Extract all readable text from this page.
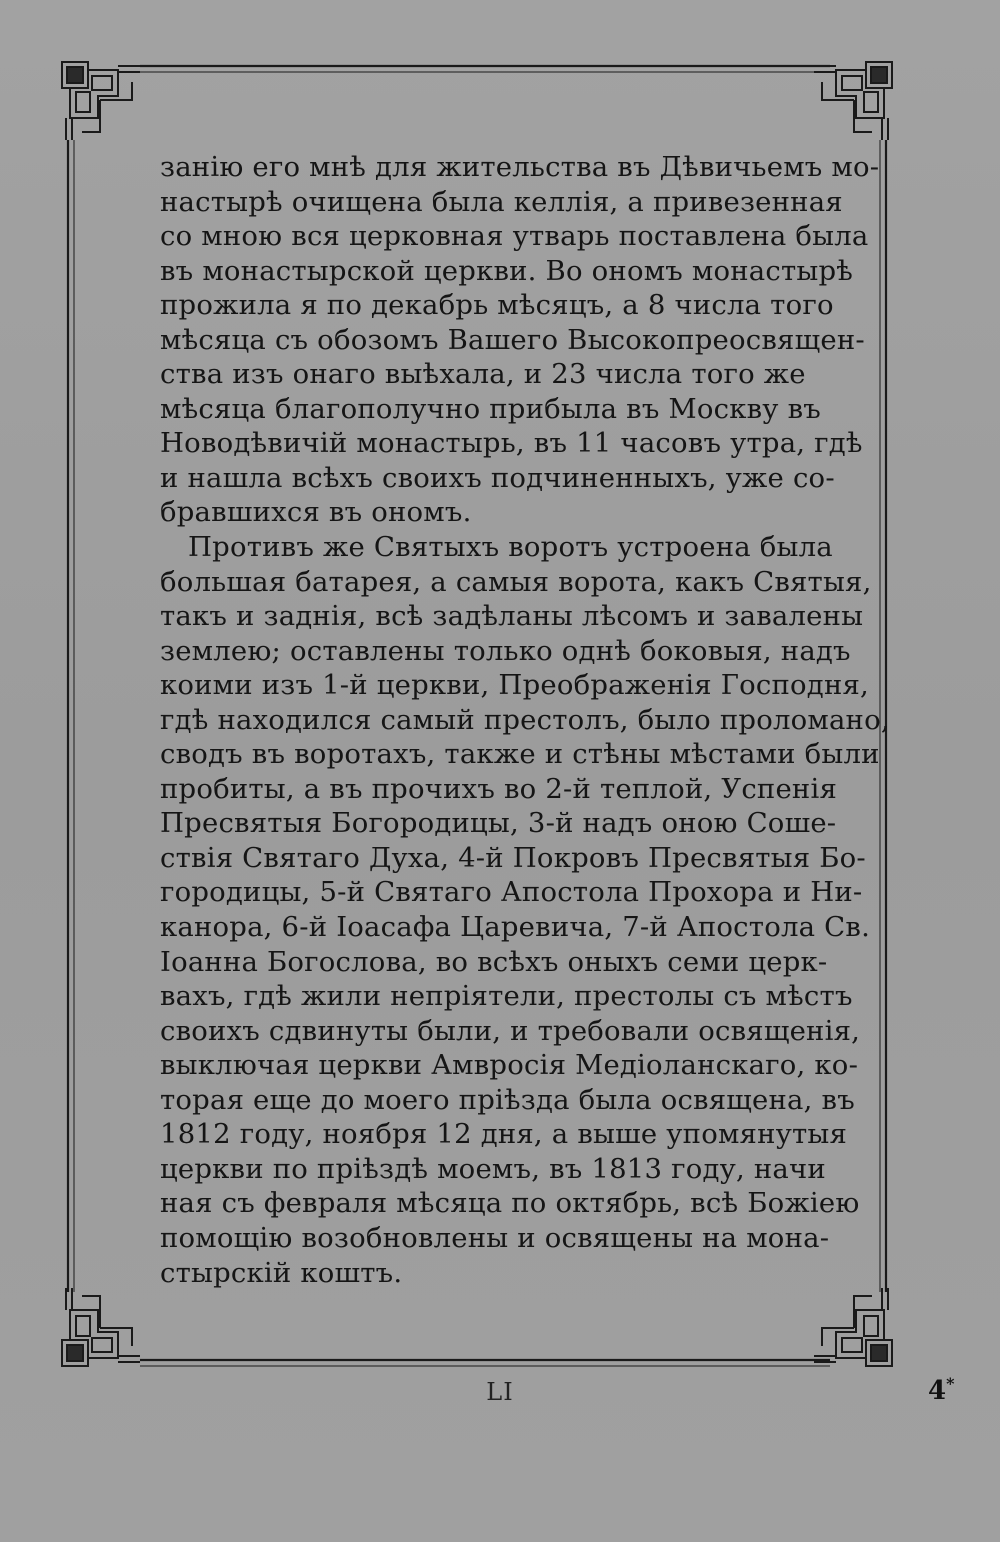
занію его мнѣ для жительства въ Дѣвичьемъ мо-
настырѣ очищена была келлія, а привезенная
со мною вся церковная утварь поставлена была
въ монастырской церкви. Во ономъ монастырѣ
прожила я по декабрь мѣсяцъ, а 8 числа того
мѣсяца съ обозомъ Вашего Высокопреосвящен-
ства изъ онаго выѣхала, и 23 числа того же
мѣсяца благополучно прибыла въ Москву въ
Новодѣвичій монастырь, въ 11 часовъ утра, гдѣ
и нашла всѣхъ своихъ подчиненныхъ, уже со-
бравшихся въ ономъ.
Противъ же Святыхъ воротъ устроена была
большая батарея, а самыя ворота, какъ Святыя,
такъ и заднія, всѣ задѣланы лѣсомъ и завалены
землею; оставлены только однѣ боковыя, надъ
коими изъ 1-й церкви, Преображенія Господня,
гдѣ находился самый престолъ, было проломано,
сводъ въ воротахъ, также и стѣны мѣстами были
пробиты, а въ прочихъ во 2-й теплой, Успенія
Пресвятыя Богородицы, 3-й надъ оною Соше-
ствія Святаго Духа, 4-й Покровъ Пресвятыя Бо-
городицы, 5-й Святаго Апостола Прохора и Ни-
канора, 6-й Іоасафа Царевича, 7-й Апостола Св.
Іоанна Богослова, во всѣхъ оныхъ семи церк-
вахъ, гдѣ жили непріятели, престолы съ мѣстъ
своихъ сдвинуты были, и требовали освященія,
выключая церкви Амвросія Медіоланскаго, ко-
торая еще до моего пріѣзда была освящена, въ
1812 году, ноября 12 дня, а выше упомянутыя
церкви по пріѣздѣ моемъ, въ 1813 году, начи
ная съ февраля мѣсяца по октябрь, всѣ Божіею
помощію возобновлены и освящены на мона-
стырскій коштъ.
LI	4*
